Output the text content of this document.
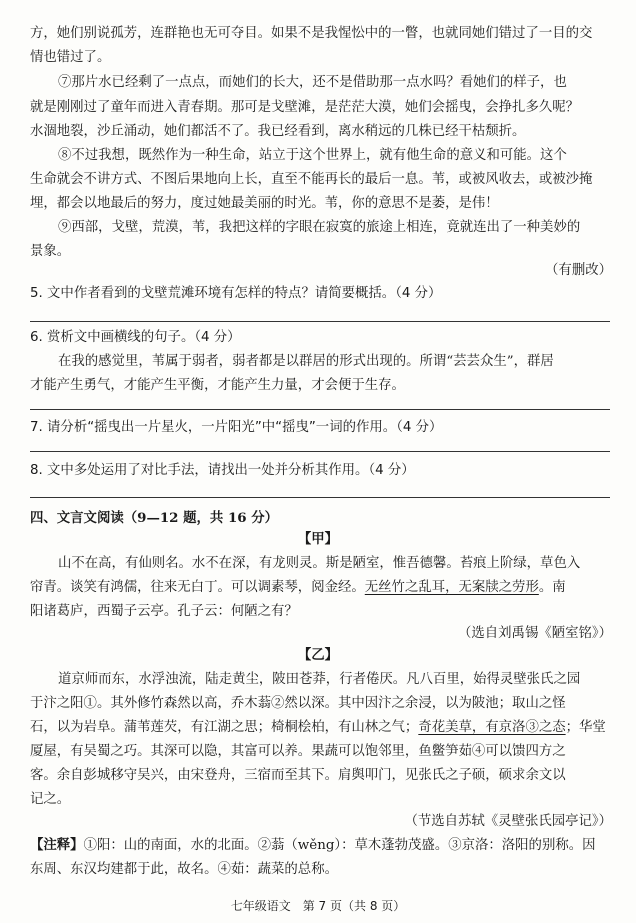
方，她们别说孤芳，连群艳也无可夺目。如果不是我惺忪中的一瞥，也就同她们错过了一目的交
情也错过了。
⑦那片水已经剩了一点点，而她们的长大，还不是借助那一点水吗？看她们的样子，也
就是刚刚过了童年而进入青春期。那可是戈壁滩，是茫茫大漠，她们会摇曳，会挣扎多久呢？
水涸地裂，沙丘涌动，她们都活不了。我已经看到，离水稍远的几株已经干枯颓折。
⑧不过我想，既然作为一种生命，站立于这个世界上，就有他生命的意义和可能。这个
生命就会不讲方式、不图后果地向上长，直至不能再长的最后一息。苇，或被风收去，或被沙掩
埋，都会以地最后的努力，度过她最美丽的时光。苇，你的意思不是萎，是伟！
⑨西部，戈壁，荒漠，苇，我把这样的字眼在寂寞的旅途上相连，竟就连出了一种美妙的
景象。
（有删改）
5. 文中作者看到的戈壁荒滩环境有怎样的特点？请简要概括。（4 分）
6. 赏析文中画横线的句子。（4 分）
在我的感觉里，苇属于弱者，弱者都是以群居的形式出现的。所谓“芸芸众生”，群居
才能产生勇气，才能产生平衡，才能产生力量，才会便于生存。
7. 请分析“摇曳出一片星火，一片阳光”中“摇曳”一词的作用。（4 分）
8. 文中多处运用了对比手法，请找出一处并分析其作用。（4 分）
四、文言文阅读（9—12 题，共 16 分）
【甲】
山不在高，有仙则名。水不在深，有龙则灵。斯是陋室，惟吾德馨。苔痕上阶绿，草色入
帘青。谈笑有鸿儒，往来无白丁。可以调素琴，阅金经。无丝竹之乱耳，无案牍之劳形。南
阳诸葛庐，西蜀子云亭。孔子云：何陋之有？
（选自刘禹锡《陋室铭》）
【乙】
道京师而东，水浮浊流，陆走黄尘，陂田苍莽，行者倦厌。凡八百里，始得灵壁张氏之园
于汴之阳①。其外修竹森然以高，乔木蓊②然以深。其中因汴之余浸，以为陂池；取山之怪
石，以为岩阜。蒲苇莲芡，有江湖之思；椅桐桧柏，有山林之气；奇花美草，有京洛③之态；华堂
厦屋，有吴蜀之巧。其深可以隐，其富可以养。果蔬可以饱邻里，鱼鳖笋茹④可以馈四方之
客。余自彭城移守吴兴，由宋登舟，三宿而至其下。肩舆叩门，见张氏之子硕，硕求余文以
记之。
（节选自苏轼《灵壁张氏园亭记》）
【注释】①阳：山的南面，水的北面。②蓊（wěng）：草木蓬勃茂盛。③京洛：洛阳的别称。因
东周、东汉均建都于此，故名。④茹：蔬菜的总称。
七年级语文　第 7 页（共 8 页）
